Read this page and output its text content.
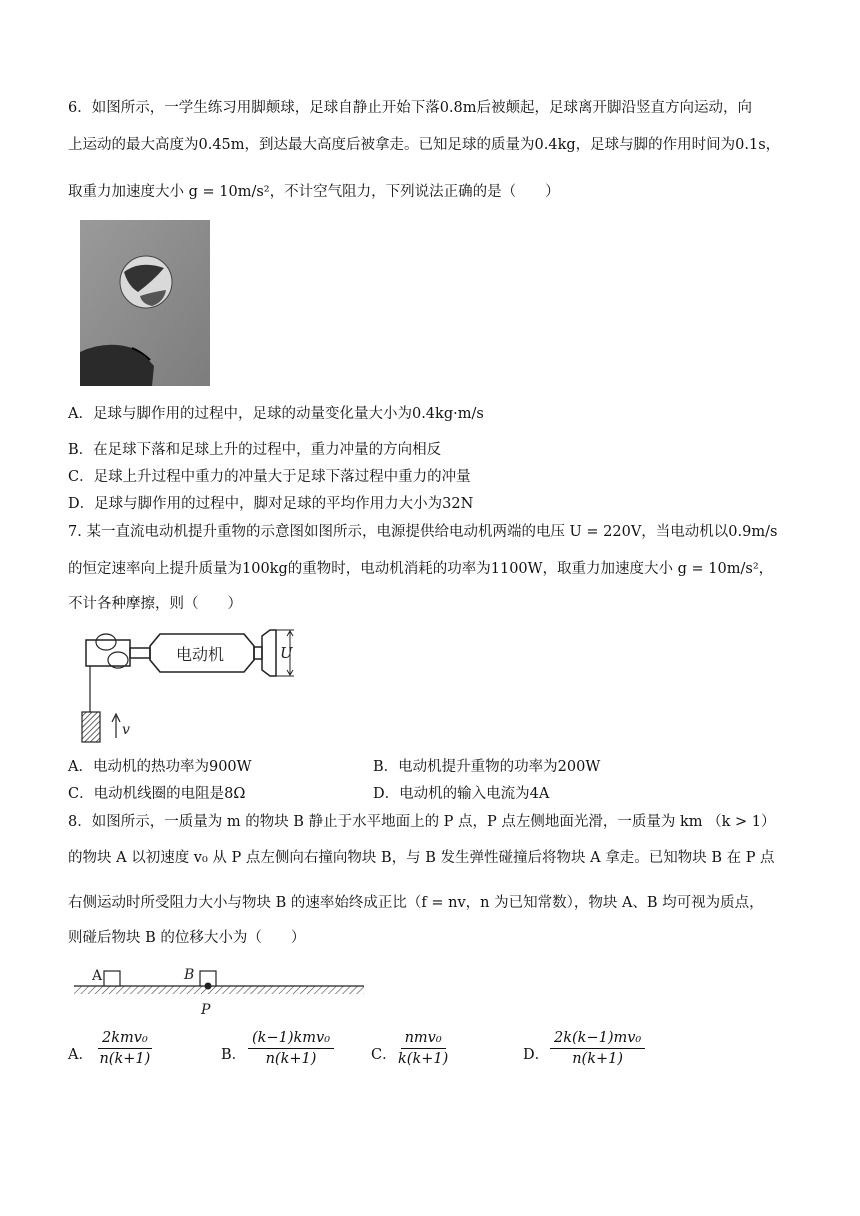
6．如图所示，一学生练习用脚颠球，足球自静止开始下落0.8m后被颠起，足球离开脚沿竖直方向运动，向
上运动的最大高度为0.45m，到达最大高度后被拿走。已知足球的质量为0.4kg，足球与脚的作用时间为0.1s，
取重力加速度大小 g = 10m/s²，不计空气阻力，下列说法正确的是（　　）
A．足球与脚作用的过程中，足球的动量变化量大小为0.4kg·m/s
B．在足球下落和足球上升的过程中，重力冲量的方向相反
C．足球上升过程中重力的冲量大于足球下落过程中重力的冲量
D．足球与脚作用的过程中，脚对足球的平均作用力大小为32N
7. 某一直流电动机提升重物的示意图如图所示，电源提供给电动机两端的电压 U = 220V，当电动机以0.9m/s
的恒定速率向上提升质量为100kg的重物时，电动机消耗的功率为1100W，取重力加速度大小 g = 10m/s²，
不计各种摩擦，则（　　）
电动机	U
v
A．电动机的热功率为900W	B．电动机提升重物的功率为200W
C．电动机线圈的电阻是8Ω	D．电动机的输入电流为4A
8．如图所示，一质量为 m 的物块 B 静止于水平地面上的 P 点，P 点左侧地面光滑，一质量为 km （k > 1）
的物块 A 以初速度 v₀ 从 P 点左侧向右撞向物块 B，与 B 发生弹性碰撞后将物块 A 拿走。已知物块 B 在 P 点
右侧运动时所受阻力大小与物块 B 的速率始终成正比（f = nv，n 为已知常数），物块 A、B 均可视为质点，
则碰后物块 B 的位移大小为（　　）
A	B
P
A．
2kmv₀
n(k+1)	B．
(k−1)kmv₀
n(k+1)	C．
nmv₀
k(k+1)	D． $\frac{\text{2k(k−1)mv₀}}{n(k+1)}$
